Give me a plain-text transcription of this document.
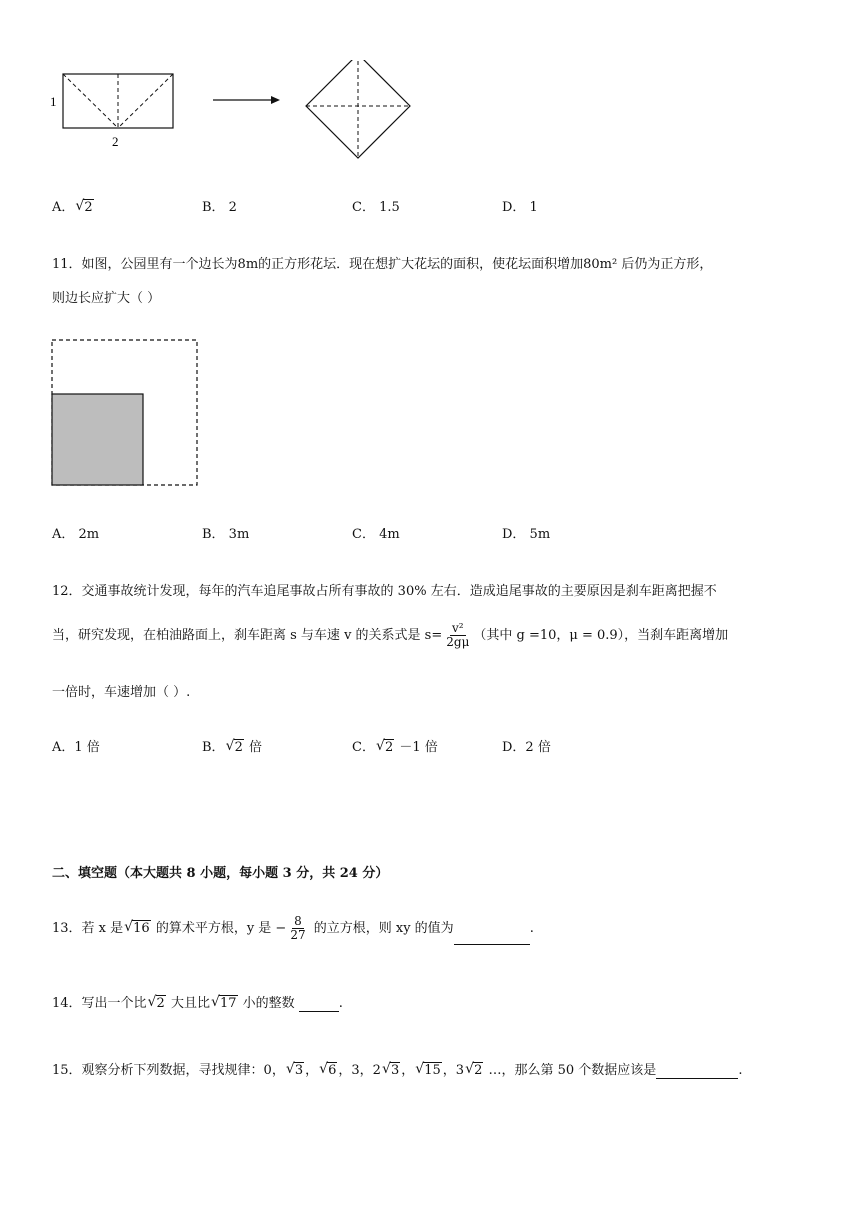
1
2
A． √ 2	B． 2	C． 1.5	D． 1
11．如图，公园里有一个边长为8m的正方形花坛．现在想扩大花坛的面积，使花坛面积增加80m² 后仍为正方形，
则边长应扩大（ ）
A． 2m	B． 3m	C． 4m	D． 5m
12．交通事故统计发现，每年的汽车追尾事故占所有事故的 30% 左右．造成追尾事故的主要原因是刹车距离把握不
当，研究发现，在柏油路面上，刹车距离 s 与车速 v 的关系式是 $s= \frac{\text{v²}}{2g\mu}$ （其中 g =10，μ = 0.9），当刹车距离增加
一倍时，车速增加（ ）.
A．1 倍	B． √ 2 倍	C． √ 2 －1 倍	D．2 倍
二、填空题（本大题共 8 小题，每小题 3 分，共 24 分）
13．若 x 是 √ 16 的算术平方根，y 是 − $\frac{8}{27}$ 的立方根，则 xy 的值为	.
14．写出一个比 √ 2 大且比 √ 17 小的整数	.
15．观察分析下列数据，寻找规律：0， √ 3 ， √ 6 ，3，2 √ 3 ， √ 15 ，3 √ 2 …，那么第 50 个数据应该是	.
